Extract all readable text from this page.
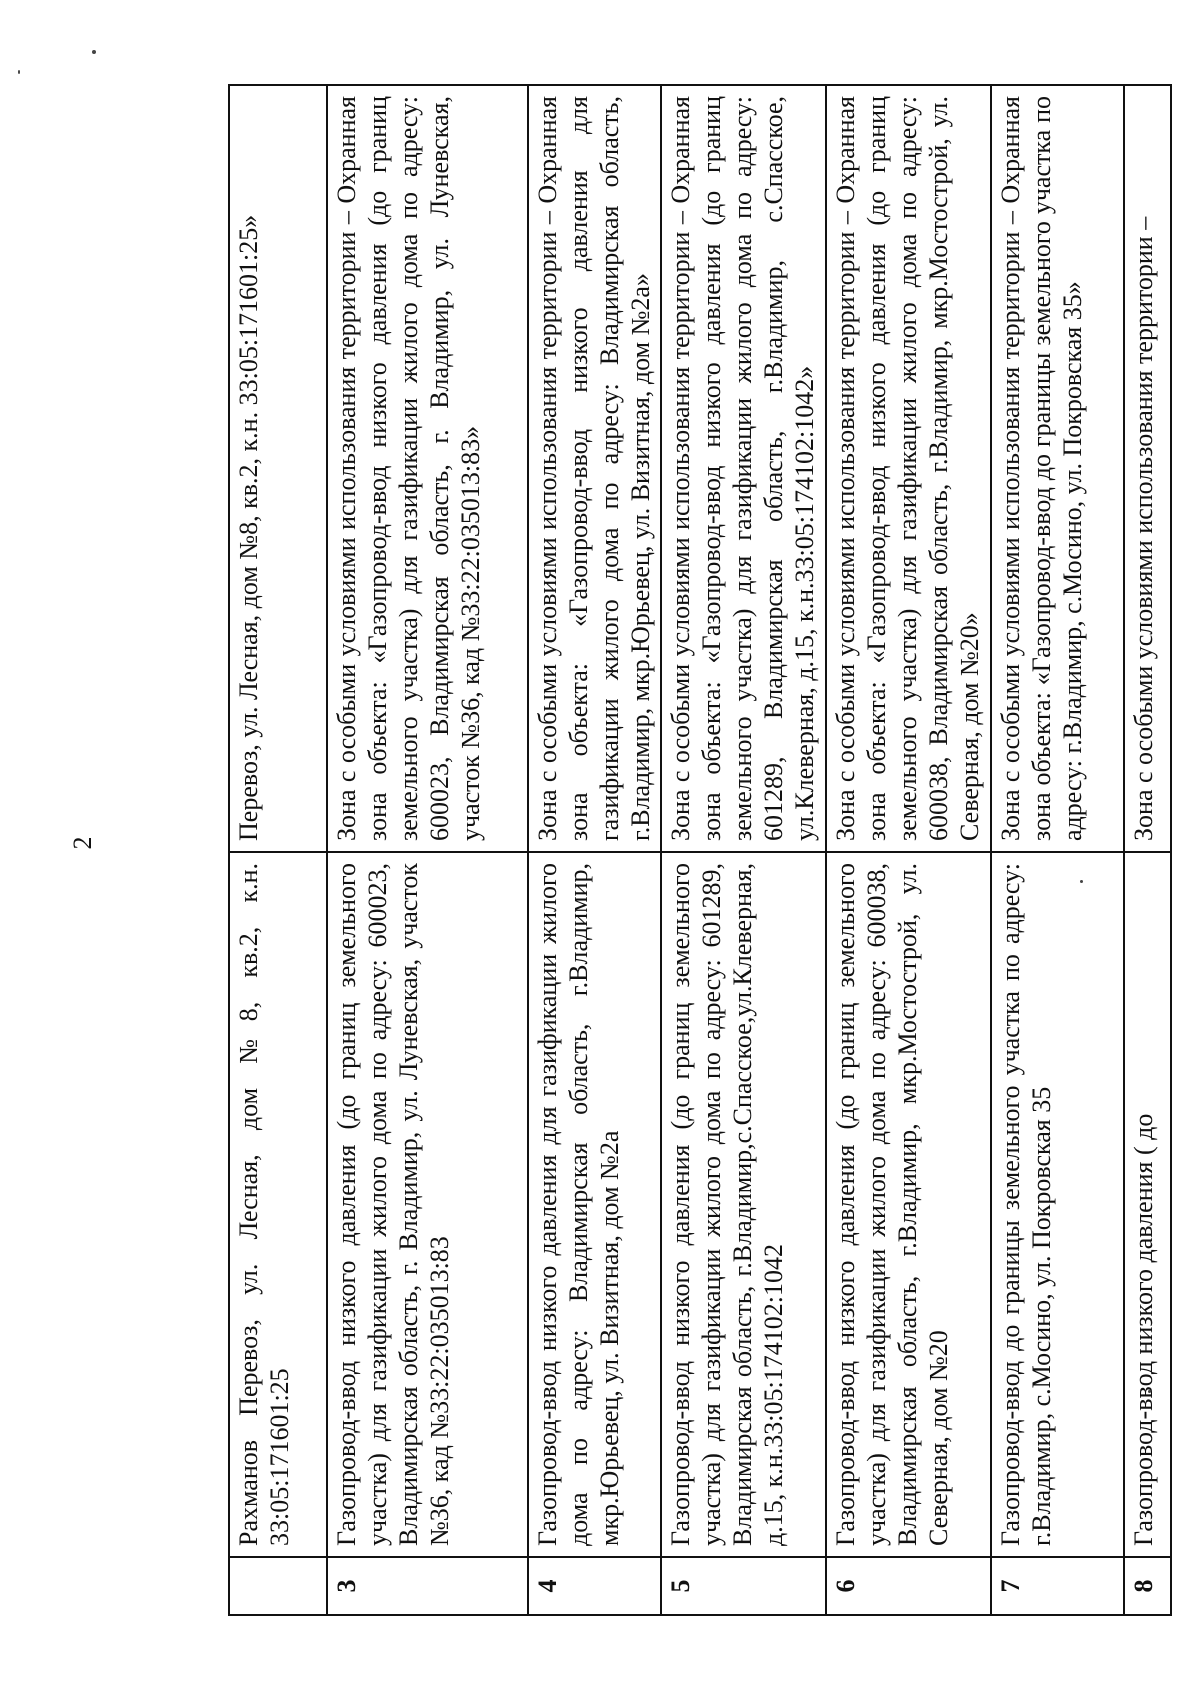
2
	Рахманов Перевоз, ул. Лесная, дом №8, кв.2, к.н. 33:05:171601:25	Перевоз, ул. Лесная, дом №8, кв.2, к.н. 33:05:171601:25»
3	Газопровод-ввод низкого давления (до границ земельного участка) для газификации жилого дома по адресу: 600023, Владимирская область, г. Владимир, ул. Луневская, участок №36, кад №33:22:035013:83	Зона с особыми условиями использования территории – Охранная зона объекта: «Газопровод-ввод низкого давления (до границ земельного участка) для газификации жилого дома по адресу: 600023, Владимирская область, г. Владимир, ул. Луневская, участок №36, кад №33:22:035013:83»
4	Газопровод-ввод низкого давления для газификации жилого дома по адресу: Владимирская область, г.Владимир, мкр.Юрьевец, ул. Визитная, дом №2а	Зона с особыми условиями использования территории – Охранная зона объекта: «Газопровод-ввод низкого давления для газификации жилого дома по адресу: Владимирская область, г.Владимир, мкр.Юрьевец, ул. Визитная, дом №2а»
5	Газопровод-ввод низкого давления (до границ земельного участка) для газификации жилого дома по адресу: 601289, Владимирская область, г.Владимир,с.Спасское,ул.Клеверная, д.15, к.н.33:05:174102:1042	Зона с особыми условиями использования территории – Охранная зона объекта: «Газопровод-ввод низкого давления (до границ земельного участка) для газификации жилого дома по адресу: 601289, Владимирская область, г.Владимир, с.Спасское, ул.Клеверная, д.15, к.н.33:05:174102:1042»
6	Газопровод-ввод низкого давления (до границ земельного участка) для газификации жилого дома по адресу: 600038, Владимирская область, г.Владимир, мкр.Мостострой, ул. Северная, дом №20	Зона с особыми условиями использования территории – Охранная зона объекта: «Газопровод-ввод низкого давления (до границ земельного участка) для газификации жилого дома по адресу: 600038, Владимирская область, г.Владимир, мкр.Мостострой, ул. Северная, дом №20»
7	Газопровод-ввод до границы земельного участка по адресу: г.Владимир, с.Мосино, ул. Покровская 35	Зона с особыми условиями использования территории – Охранная зона объекта: «Газопровод-ввод до границы земельного участка по адресу: г.Владимир, с.Мосино, ул. Покровская 35»
8	Газопровод-ввод низкого давления ( до	Зона с особыми условиями использования территории –
